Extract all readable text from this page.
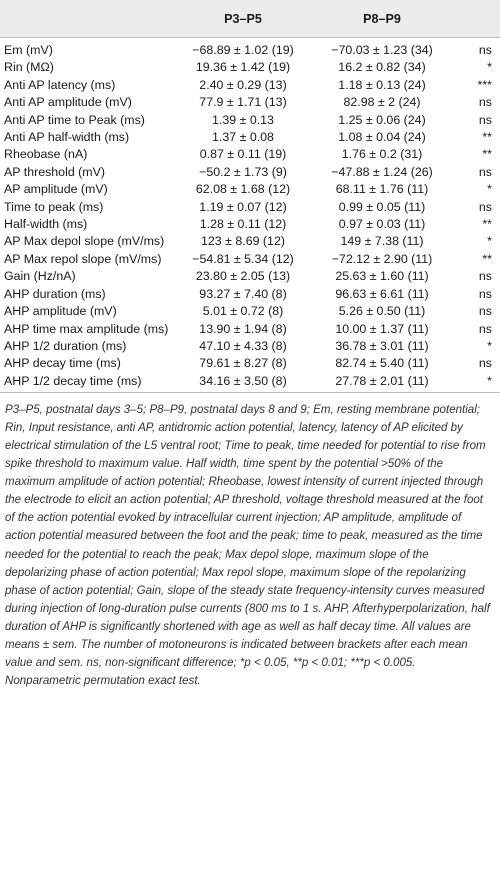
	P3–P5	P8–P9	
Em (mV)	−68.89 ± 1.02 (19)	−70.03 ± 1.23 (34)	ns
Rin (MΩ)	19.36 ± 1.42 (19)	16.2 ± 0.82 (34)	*
Anti AP latency (ms)	2.40 ± 0.29 (13)	1.18 ± 0.13 (24)	***
Anti AP amplitude (mV)	77.9 ± 1.71 (13)	82.98 ± 2 (24)	ns
Anti AP time to Peak (ms)	1.39 ± 0.13	1.25 ± 0.06 (24)	ns
Anti AP half-width (ms)	1.37 ± 0.08	1.08 ± 0.04 (24)	**
Rheobase (nA)	0.87 ± 0.11 (19)	1.76 ± 0.2 (31)	**
AP threshold (mV)	−50.2 ± 1.73 (9)	−47.88 ± 1.24 (26)	ns
AP amplitude (mV)	62.08 ± 1.68 (12)	68.11 ± 1.76 (11)	*
Time to peak (ms)	1.19 ± 0.07 (12)	0.99 ± 0.05 (11)	ns
Half-width (ms)	1.28 ± 0.11 (12)	0.97 ± 0.03 (11)	**
AP Max depol slope (mV/ms)	123 ± 8.69 (12)	149 ± 7.38 (11)	*
AP Max repol slope (mV/ms)	−54.81 ± 5.34 (12)	−72.12 ± 2.90 (11)	**
Gain (Hz/nA)	23.80 ± 2.05 (13)	25.63 ± 1.60 (11)	ns
AHP duration (ms)	93.27 ± 7.40 (8)	96.63 ± 6.61 (11)	ns
AHP amplitude (mV)	5.01 ± 0.72 (8)	5.26 ± 0.50 (11)	ns
AHP time max amplitude (ms)	13.90 ± 1.94 (8)	10.00 ± 1.37 (11)	ns
AHP 1/2 duration (ms)	47.10 ± 4.33 (8)	36.78 ± 3.01 (11)	*
AHP decay time (ms)	79.61 ± 8.27 (8)	82.74 ± 5.40 (11)	ns
AHP 1/2 decay time (ms)	34.16 ± 3.50 (8)	27.78 ± 2.01 (11)	*

P3–P5, postnatal days 3–5; P8–P9, postnatal days 8 and 9; Em, resting membrane potential; Rin, Input resistance, anti AP, antidromic action potential, latency, latency of AP elicited by electrical stimulation of the L5 ventral root; Time to peak, time needed for potential to rise from spike threshold to maximum value. Half width, time spent by the potential >50% of the maximum amplitude of action potential; Rheobase, lowest intensity of current injected through the electrode to elicit an action potential; AP threshold, voltage threshold measured at the foot of the action potential evoked by intracellular current injection; AP amplitude, amplitude of action potential measured between the foot and the peak; time to peak, measured as the time needed for the potential to reach the peak; Max depol slope, maximum slope of the depolarizing phase of action potential; Max repol slope, maximum slope of the repolarizing phase of action potential; Gain, slope of the steady state frequency-intensity curves measured during injection of long-duration pulse currents (800 ms to 1 s. AHP, Afterhyperpolarization, half duration of AHP is significantly shortened with age as well as half decay time. All values are means ± sem. The number of motoneurons is indicated between brackets after each mean value and sem. ns, non-significant difference; *p < 0.05, **p < 0.01; ***p < 0.005. Nonparametric permutation exact test.
